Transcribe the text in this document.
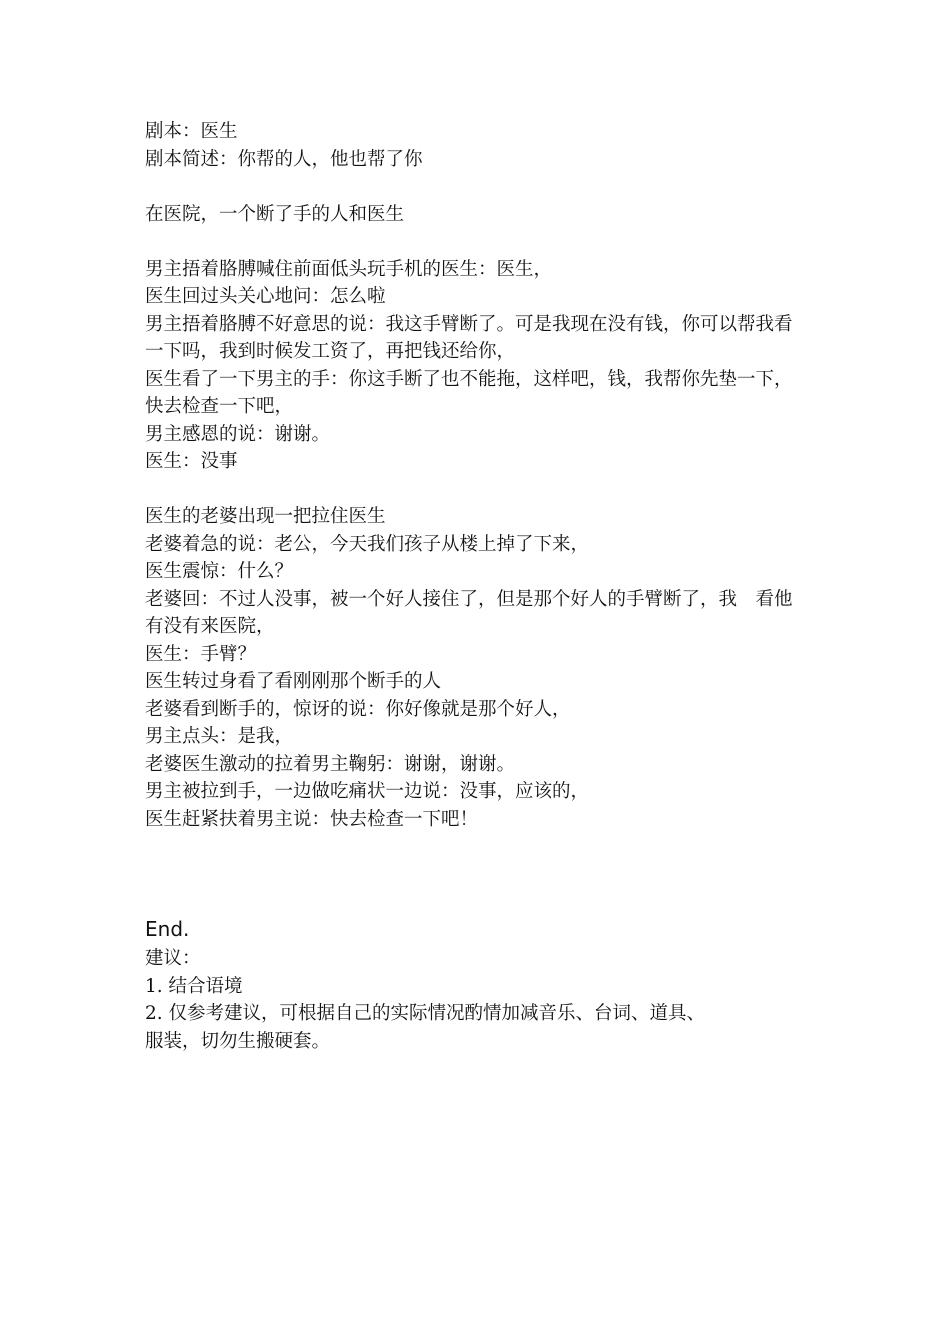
剧本：医生
剧本简述：你帮的人，他也帮了你
在医院，一个断了手的人和医生
男主捂着胳膊喊住前面低头玩手机的医生：医生，
医生回过头关心地问：怎么啦
男主捂着胳膊不好意思的说：我这手臂断了。可是我现在没有钱，你可以帮我看一下吗，我到时候发工资了，再把钱还给你，
医生看了一下男主的手：你这手断了也不能拖，这样吧，钱，我帮你先垫一下，快去检查一下吧，
男主感恩的说：谢谢。
医生：没事
医生的老婆出现一把拉住医生
老婆着急的说：老公，今天我们孩子从楼上掉了下来，
医生震惊：什么？
老婆回：不过人没事，被一个好人接住了，但是那个好人的手臂断了，我　看他有没有来医院，
医生：手臂？
医生转过身看了看刚刚那个断手的人
老婆看到断手的，惊讶的说：你好像就是那个好人，
男主点头：是我，
老婆医生激动的拉着男主鞠躬：谢谢，谢谢。
男主被拉到手，一边做吃痛状一边说：没事，应该的，
医生赶紧扶着男主说：快去检查一下吧！
End.
建议：
1. 结合语境
2. 仅参考建议，可根据自己的实际情况酌情加减音乐、台词、道具、服装，切勿生搬硬套。
